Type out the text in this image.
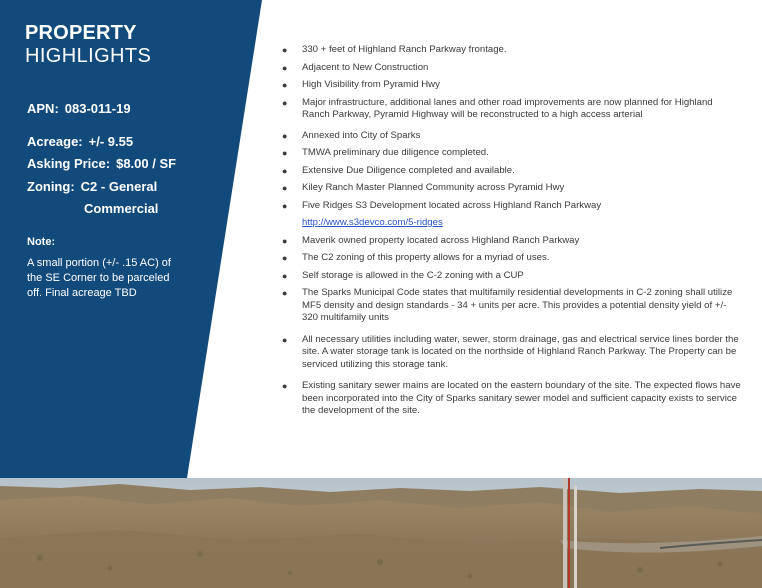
PROPERTY
HIGHLIGHTS
APN: 083-011-19
Acreage: +/- 9.55
Asking Price: $8.00 / SF
Zoning: C2 - General
Commercial
Note:
A small portion (+/- .15 AC) of the SE Corner to be parceled off. Final acreage TBD
● 330 + feet of Highland Ranch Parkway frontage.
● Adjacent to New Construction
● High Visibility from Pyramid Hwy
● Major infrastructure, additional lanes and other road improvements are now planned for Highland Ranch Parkway, Pyramid Highway will be reconstructed to a high access arterial
● Annexed into City of Sparks
● TMWA preliminary due diligence completed.
● Extensive Due Diligence completed and available.
● Kiley Ranch Master Planned Community across Pyramid Hwy
● Five Ridges S3 Development located across Highland Ranch Parkway
http://www.s3devco.com/5-ridges
● Maverik owned property located across Highland Ranch Parkway
● The C2 zoning of this property allows for a myriad of uses.
● Self storage is allowed in the C-2 zoning with a CUP
● The Sparks Municipal Code states that multifamily residential developments in C-2 zoning shall utilize MF5 density and design standards - 34 + units per acre. This provides a potential density yield of +/- 320 multifamily units
● All necessary utilities including water, sewer, storm drainage, gas and electrical service lines border the site. A water storage tank is located on the northside of Highland Ranch Parkway. The Property can be serviced utilizing this storage tank.
● Existing sanitary sewer mains are located on the eastern boundary of the site. The expected flows have been incorporated into the City of Sparks sanitary sewer model and sufficient capacity exists to service the development of the site.
